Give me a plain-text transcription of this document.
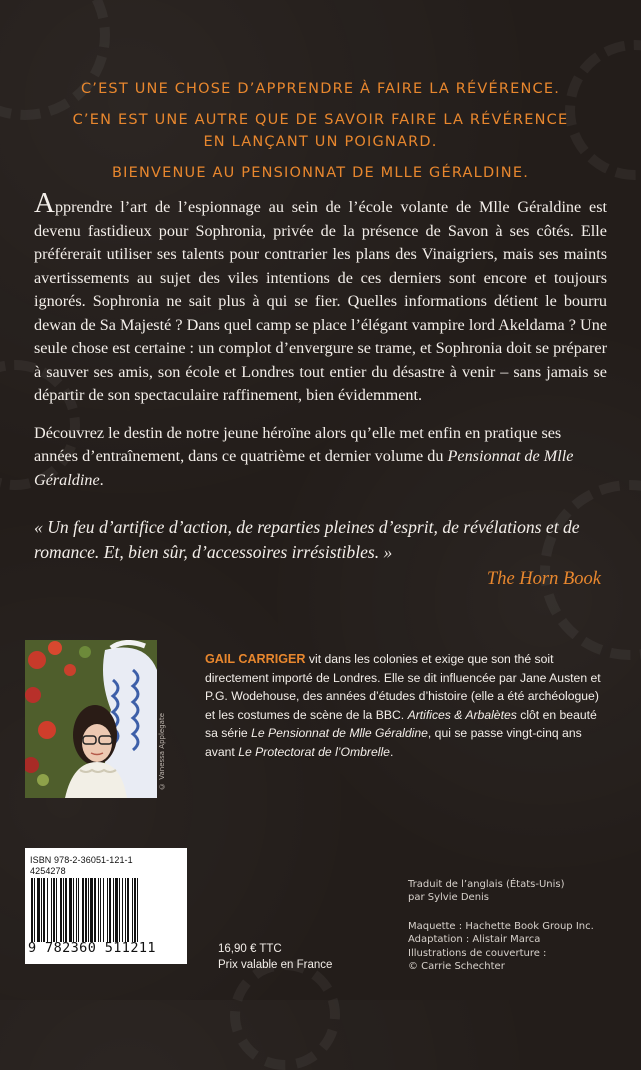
C’EST UNE CHOSE D’APPRENDRE À FAIRE LA RÉVÉRENCE.
C’EN EST UNE AUTRE QUE DE SAVOIR FAIRE LA RÉVÉRENCE
EN LANÇANT UN POIGNARD.
BIENVENUE AU PENSIONNAT DE MLLE GÉRALDINE.

Apprendre l’art de l’espionnage au sein de l’école volante de Mlle Géraldine est devenu fastidieux pour Sophronia, privée de la présence de Savon à ses côtés. Elle préférerait utiliser ses talents pour contrarier les plans des Vinaigriers, mais ses maints avertissements au sujet des viles intentions de ces derniers sont encore et toujours ignorés. Sophronia ne sait plus à qui se fier. Quelles informations détient le bourru dewan de Sa Majesté ? Dans quel camp se place l’élégant vampire lord Akeldama ? Une seule chose est certaine : un complot d’envergure se trame, et Sophronia doit se préparer à sauver ses amis, son école et Londres tout entier du désastre à venir – sans jamais se départir de son spectaculaire raffinement, bien évidemment.

Découvrez le destin de notre jeune héroïne alors qu’elle met enfin en pratique ses années d’entraînement, dans ce quatrième et dernier volume du Pensionnat de Mlle Géraldine.

« Un feu d’artifice d’action, de reparties pleines d’esprit, de révélations et de romance. Et, bien sûr, d’accessoires irrésistibles. »
The Horn Book
© Vanessa Applegate
GAIL CARRIGER vit dans les colonies et exige que son thé soit directement importé de Londres. Elle se dit influencée par Jane Austen et P.G. Wodehouse, des années d’études d’histoire (elle a été archéologue) et les costumes de scène de la BBC. Artifices & Arbalètes clôt en beauté sa série Le Pensionnat de Mlle Géraldine, qui se passe vingt-cinq ans avant Le Protectorat de l’Ombrelle.
ISBN 978-2-36051-121-1
4254278
9 782360 511211	16,90 € TTC
Prix valable en France
Traduit de l’anglais (États-Unis)
par Sylvie Denis
Maquette : Hachette Book Group Inc.
Adaptation : Alistair Marca
Illustrations de couverture :
© Carrie Schechter
